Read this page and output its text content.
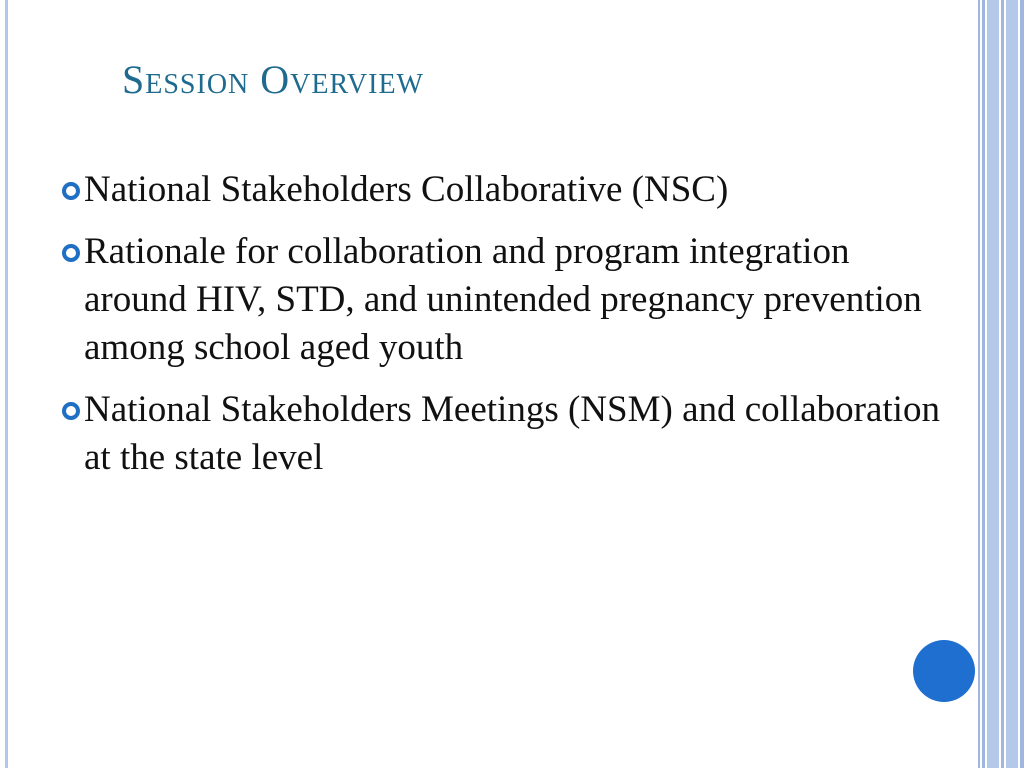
Session Overview
National Stakeholders Collaborative (NSC)
Rationale for collaboration and program integration around HIV, STD, and unintended pregnancy prevention among school aged youth
National Stakeholders Meetings (NSM) and collaboration at the state level
